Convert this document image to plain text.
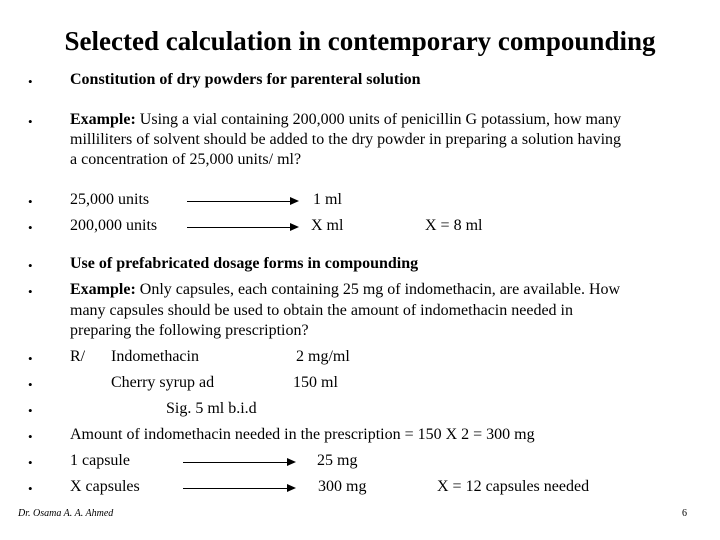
Selected calculation in contemporary compounding
• Constitution of dry powders for parenteral solution
• Example: Using a vial containing 200,000 units of penicillin G potassium, how many
milliliters of solvent should be added to the dry powder in preparing a solution having
a concentration of 25,000 units/ ml?
• 25,000 units	1 ml
• 200,000 units	X ml	X = 8 ml
• Use of prefabricated dosage forms in compounding
• Example: Only capsules, each containing 25 mg of indomethacin, are available. How
many capsules should be used to obtain the amount of indomethacin needed in
preparing the following prescription?
• R/ Indomethacin	2 mg/ml
•	Cherry syrup ad	150 ml
•	Sig. 5 ml b.i.d
• Amount of indomethacin needed in the prescription = 150 X 2 = 300 mg
• 1 capsule	25 mg
• X capsules	300 mg	X = 12 capsules needed
Dr. Osama A. A. Ahmed	6
